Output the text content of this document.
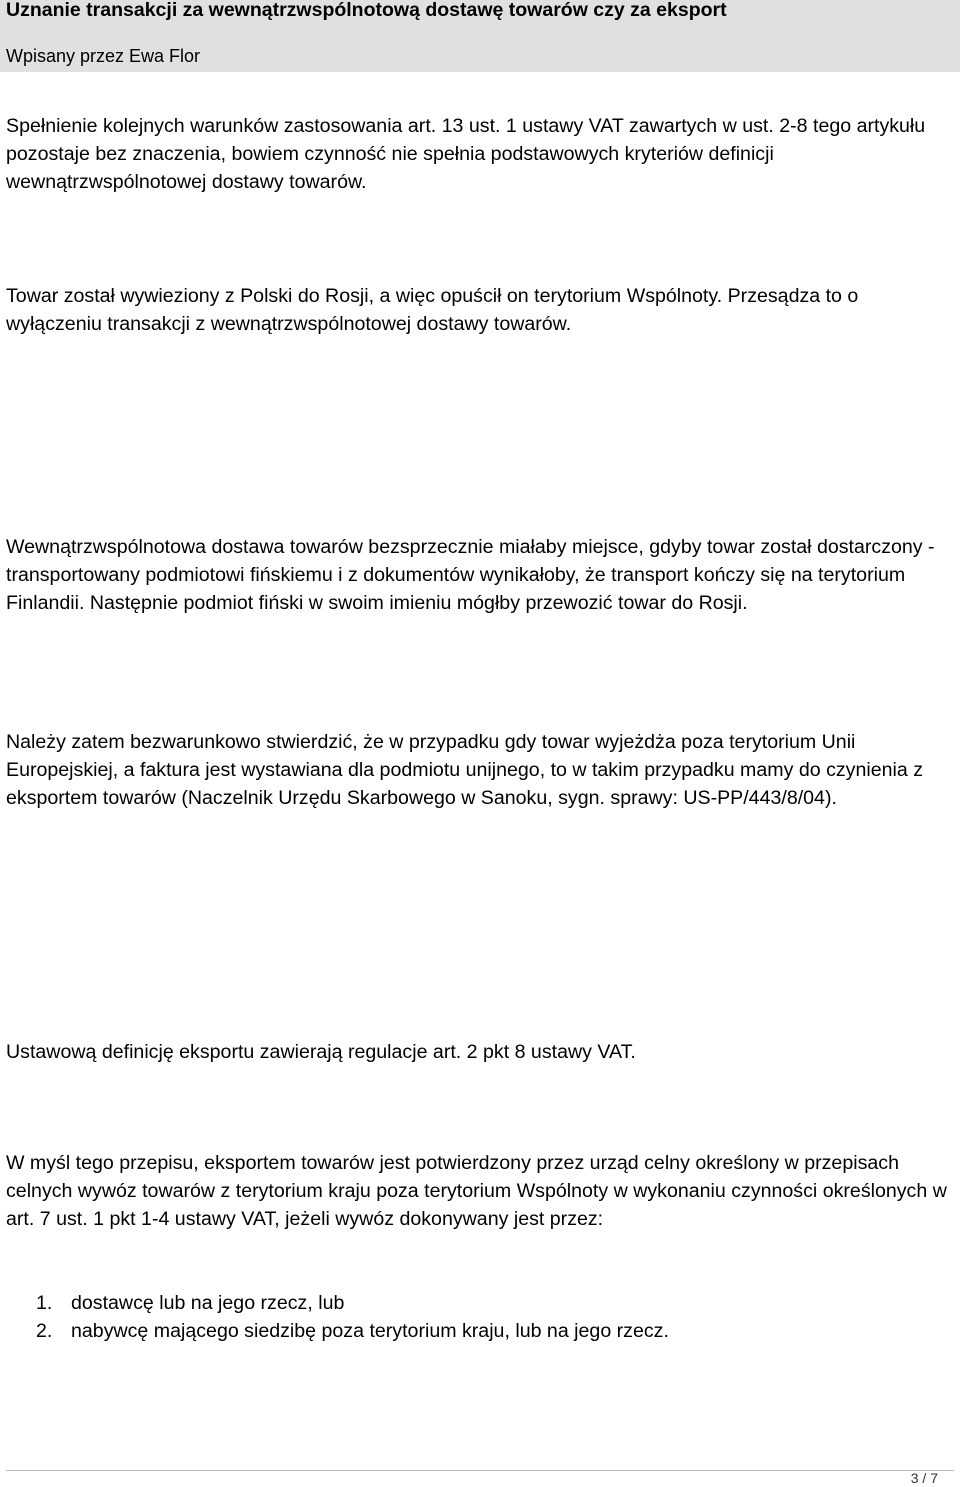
Uznanie transakcji za wewnątrzwspólnotową dostawę towarów czy za eksport
Wpisany przez Ewa Flor

Spełnienie kolejnych warunków zastosowania art. 13 ust. 1 ustawy VAT zawartych w ust. 2-8 tego artykułu pozostaje bez znaczenia, bowiem czynność nie spełnia podstawowych kryteriów definicji wewnątrzwspólnotowej dostawy towarów.

Towar został wywieziony z Polski do Rosji, a więc opuścił on terytorium Wspólnoty. Przesądza to o wyłączeniu transakcji z wewnątrzwspólnotowej dostawy towarów.

Wewnątrzwspólnotowa dostawa towarów bezsprzecznie miałaby miejsce, gdyby towar został dostarczony - transportowany podmiotowi fińskiemu i z dokumentów wynikałoby, że transport kończy się na terytorium Finlandii. Następnie podmiot fiński w swoim imieniu mógłby przewozić towar do Rosji.

Należy zatem bezwarunkowo stwierdzić, że w przypadku gdy towar wyjeżdża poza terytorium Unii Europejskiej, a faktura jest wystawiana dla podmiotu unijnego, to w takim przypadku mamy do czynienia z eksportem towarów (Naczelnik Urzędu Skarbowego w Sanoku, sygn. sprawy: US-PP/443/8/04).

Ustawową definicję eksportu zawierają regulacje art. 2 pkt 8 ustawy VAT.

W myśl tego przepisu, eksportem towarów jest potwierdzony przez urząd celny określony w przepisach celnych wywóz towarów z terytorium kraju poza terytorium Wspólnoty w wykonaniu czynności określonych w art. 7 ust. 1 pkt 1-4 ustawy VAT, jeżeli wywóz dokonywany jest przez:

1. dostawcę lub na jego rzecz, lub
2. nabywcę mającego siedzibę poza terytorium kraju, lub na jego rzecz.
3 / 7
